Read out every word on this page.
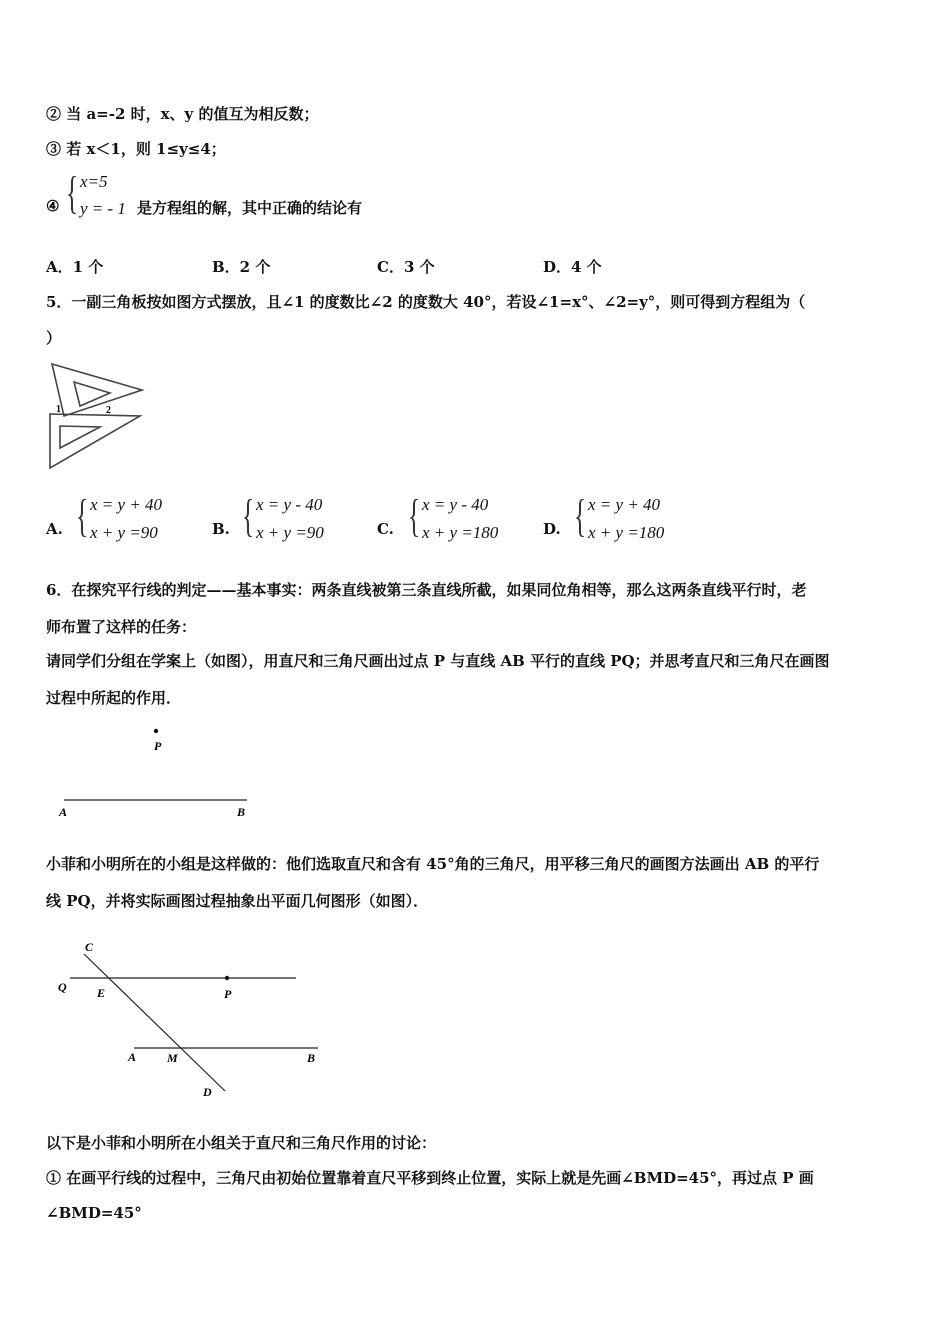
② 当 a=-2 时，x、y 的值互为相反数；
③ 若 x＜1，则 1≤y≤4；
④ { x=5
y = - 1 是方程组的解，其中正确的结论有
A．1 个	B．2 个	C．3 个	D．4 个
5．一副三角板按如图方式摆放，且∠1 的度数比∠2 的度数大 40°，若设∠1=x°、∠2=y°，则可得到方程组为（
）
1	2
A. { x = y + 40
x + y =90	B. { x = y - 40
x + y =90	C. { x = y - 40
x + y =180	D. { x = y + 40
x + y =180
6．在探究平行线的判定——基本事实：两条直线被第三条直线所截，如果同位角相等，那么这两条直线平行时，老
师布置了这样的任务：
请同学们分组在学案上（如图），用直尺和三角尺画出过点 P 与直线 AB 平行的直线 PQ；并思考直尺和三角尺在画图
过程中所起的作用．
P
A	B
小菲和小明所在的小组是这样做的：他们选取直尺和含有 45°角的三角尺，用平移三角尺的画图方法画出 AB 的平行
线 PQ，并将实际画图过程抽象出平面几何图形（如图）．
C
Q	E	P
A	M	B
D
以下是小菲和小明所在小组关于直尺和三角尺作用的讨论：
① 在画平行线的过程中，三角尺由初始位置靠着直尺平移到终止位置，实际上就是先画∠BMD=45°，再过点 P 画
∠BMD=45°
